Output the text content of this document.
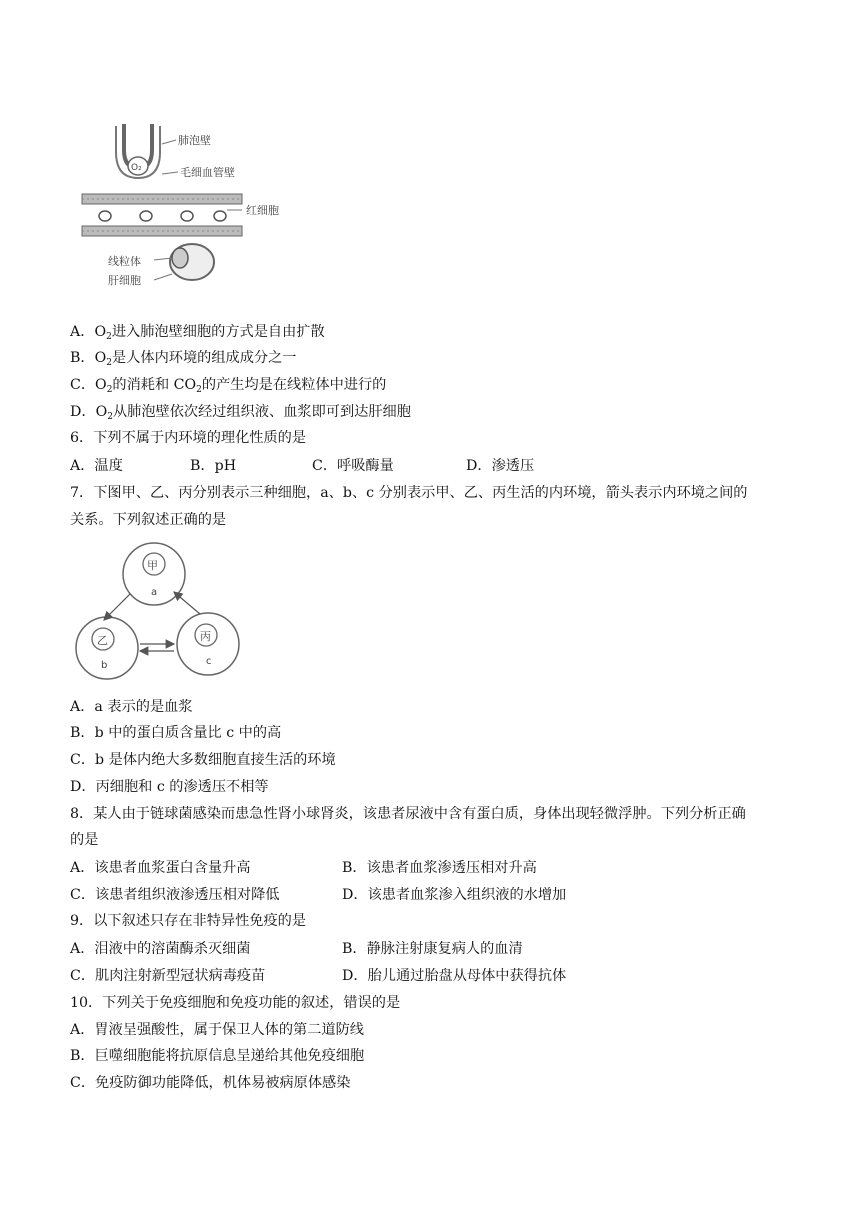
O₂
肺泡壁
毛细血管壁
红细胞
线粒体
肝细胞
A．$O_2$进入肺泡壁细胞的方式是自由扩散
B．$O_2$是人体内环境的组成成分之一
C．$O_2$的消耗和 $CO_2$的产生均是在线粒体中进行的
D．$O_2$从肺泡壁依次经过组织液、血浆即可到达肝细胞
6．下列不属于内环境的理化性质的是
A．温度	B．pH	C．呼吸酶量	D．渗透压
7．下图甲、乙、丙分别表示三种细胞，a、b、c 分别表示甲、乙、丙生活的内环境，箭头表示内环境之间的
关系。下列叙述正确的是
甲
a
乙
b
丙
c
A．a 表示的是血浆
B．b 中的蛋白质含量比 c 中的高
C．b 是体内绝大多数细胞直接生活的环境
D．丙细胞和 c 的渗透压不相等
8．某人由于链球菌感染而患急性肾小球肾炎，该患者尿液中含有蛋白质，身体出现轻微浮肿。下列分析正确
的是
A．该患者血浆蛋白含量升高	B．该患者血浆渗透压相对升高
C．该患者组织液渗透压相对降低	D．该患者血浆渗入组织液的水增加
9．以下叙述只存在非特异性免疫的是
A．泪液中的溶菌酶杀灭细菌	B．静脉注射康复病人的血清
C．肌肉注射新型冠状病毒疫苗	D．胎儿通过胎盘从母体中获得抗体
10．下列关于免疫细胞和免疫功能的叙述，错误的是
A．胃液呈强酸性，属于保卫人体的第二道防线
B．巨噬细胞能将抗原信息呈递给其他免疫细胞
C．免疫防御功能降低，机体易被病原体感染
